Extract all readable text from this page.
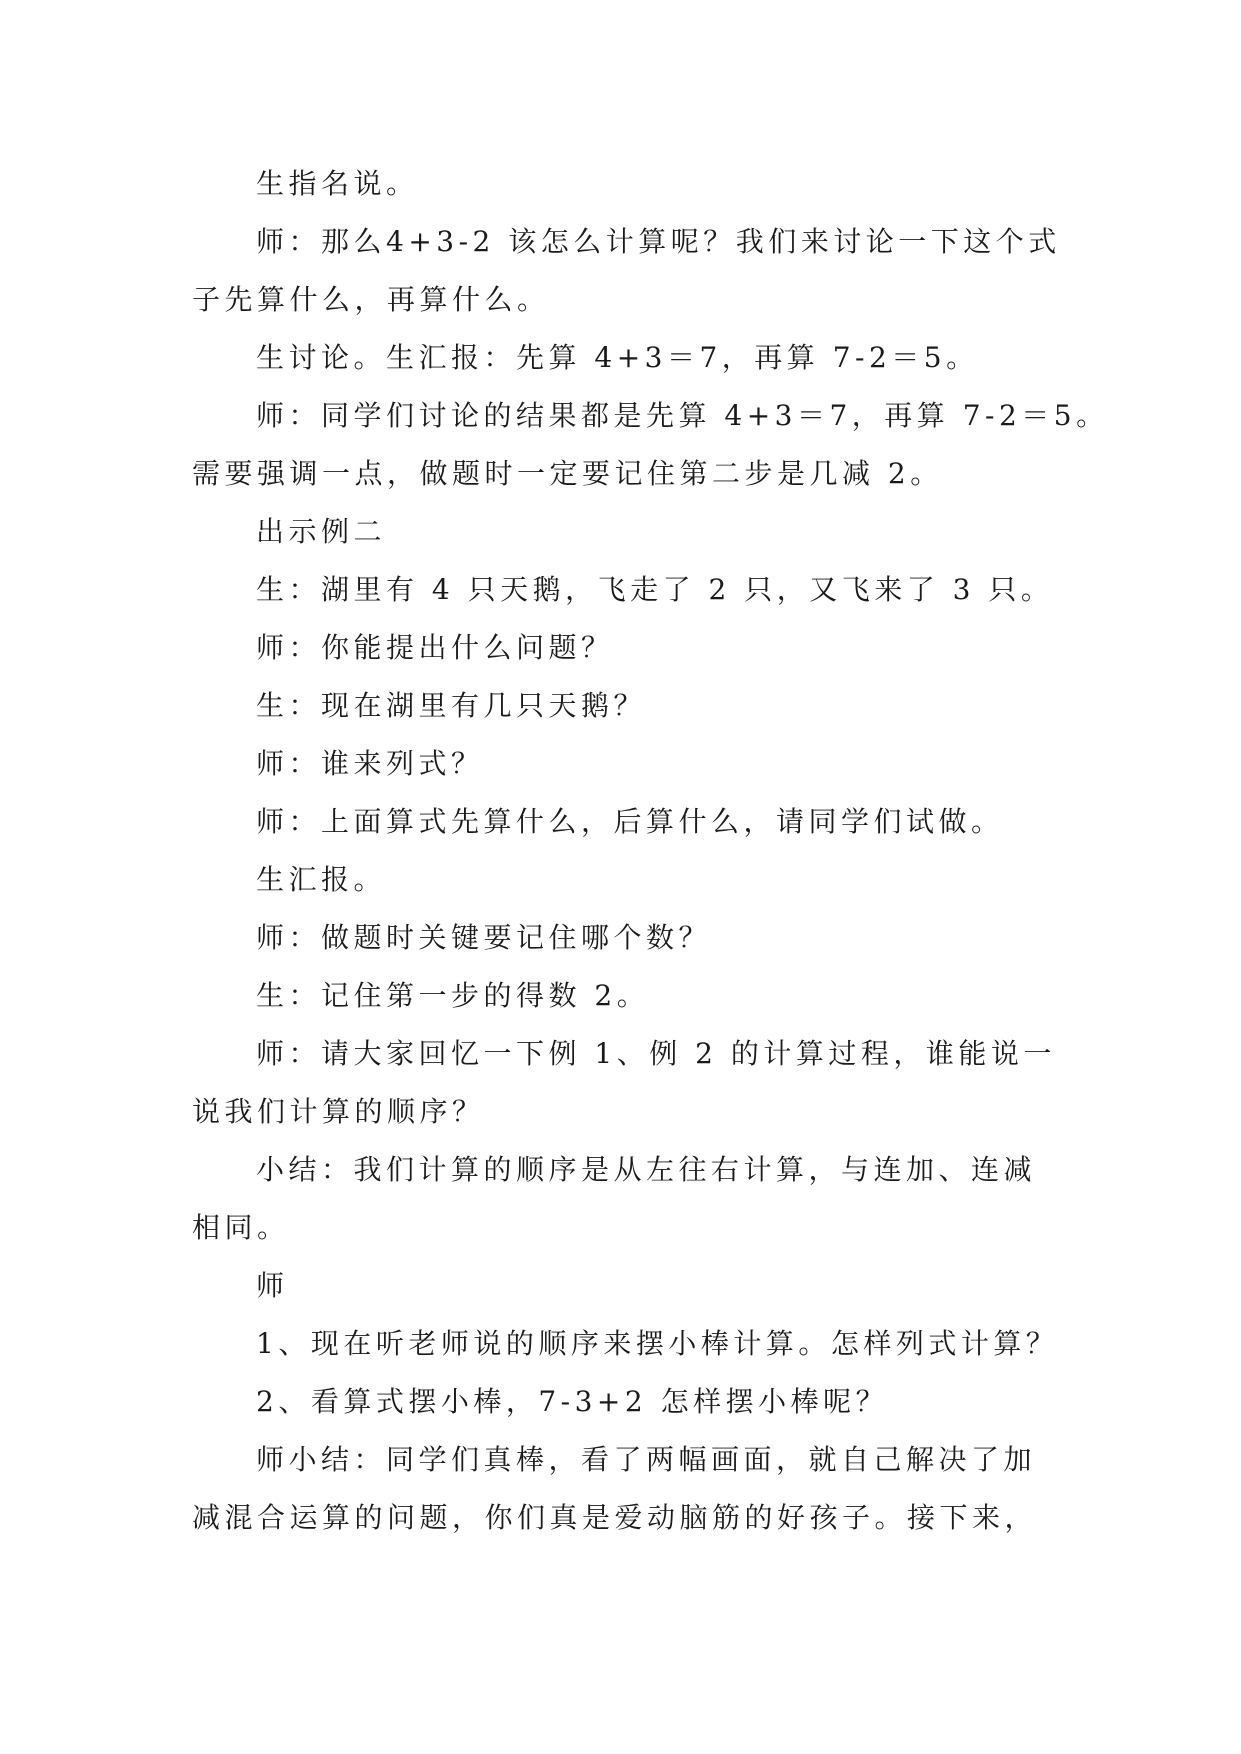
生指名说。
师：那么4+3-2 该怎么计算呢？我们来讨论一下这个式
子先算什么，再算什么。
生讨论。生汇报：先算 4+3＝7，再算 7-2＝5。
师：同学们讨论的结果都是先算 4+3＝7，再算 7-2＝5。
需要强调一点，做题时一定要记住第二步是几减 2。
出示例二
生：湖里有 4 只天鹅，飞走了 2 只，又飞来了 3 只。
师：你能提出什么问题？
生：现在湖里有几只天鹅？
师：谁来列式？
师：上面算式先算什么，后算什么，请同学们试做。
生汇报。
师：做题时关键要记住哪个数？
生：记住第一步的得数 2。
师：请大家回忆一下例 1、例 2 的计算过程，谁能说一
说我们计算的顺序？
小结：我们计算的顺序是从左往右计算，与连加、连减
相同。
师
1、现在听老师说的顺序来摆小棒计算。怎样列式计算？
2、看算式摆小棒，7-3+2 怎样摆小棒呢？
师小结：同学们真棒，看了两幅画面，就自己解决了加
减混合运算的问题，你们真是爱动脑筋的好孩子。接下来，
